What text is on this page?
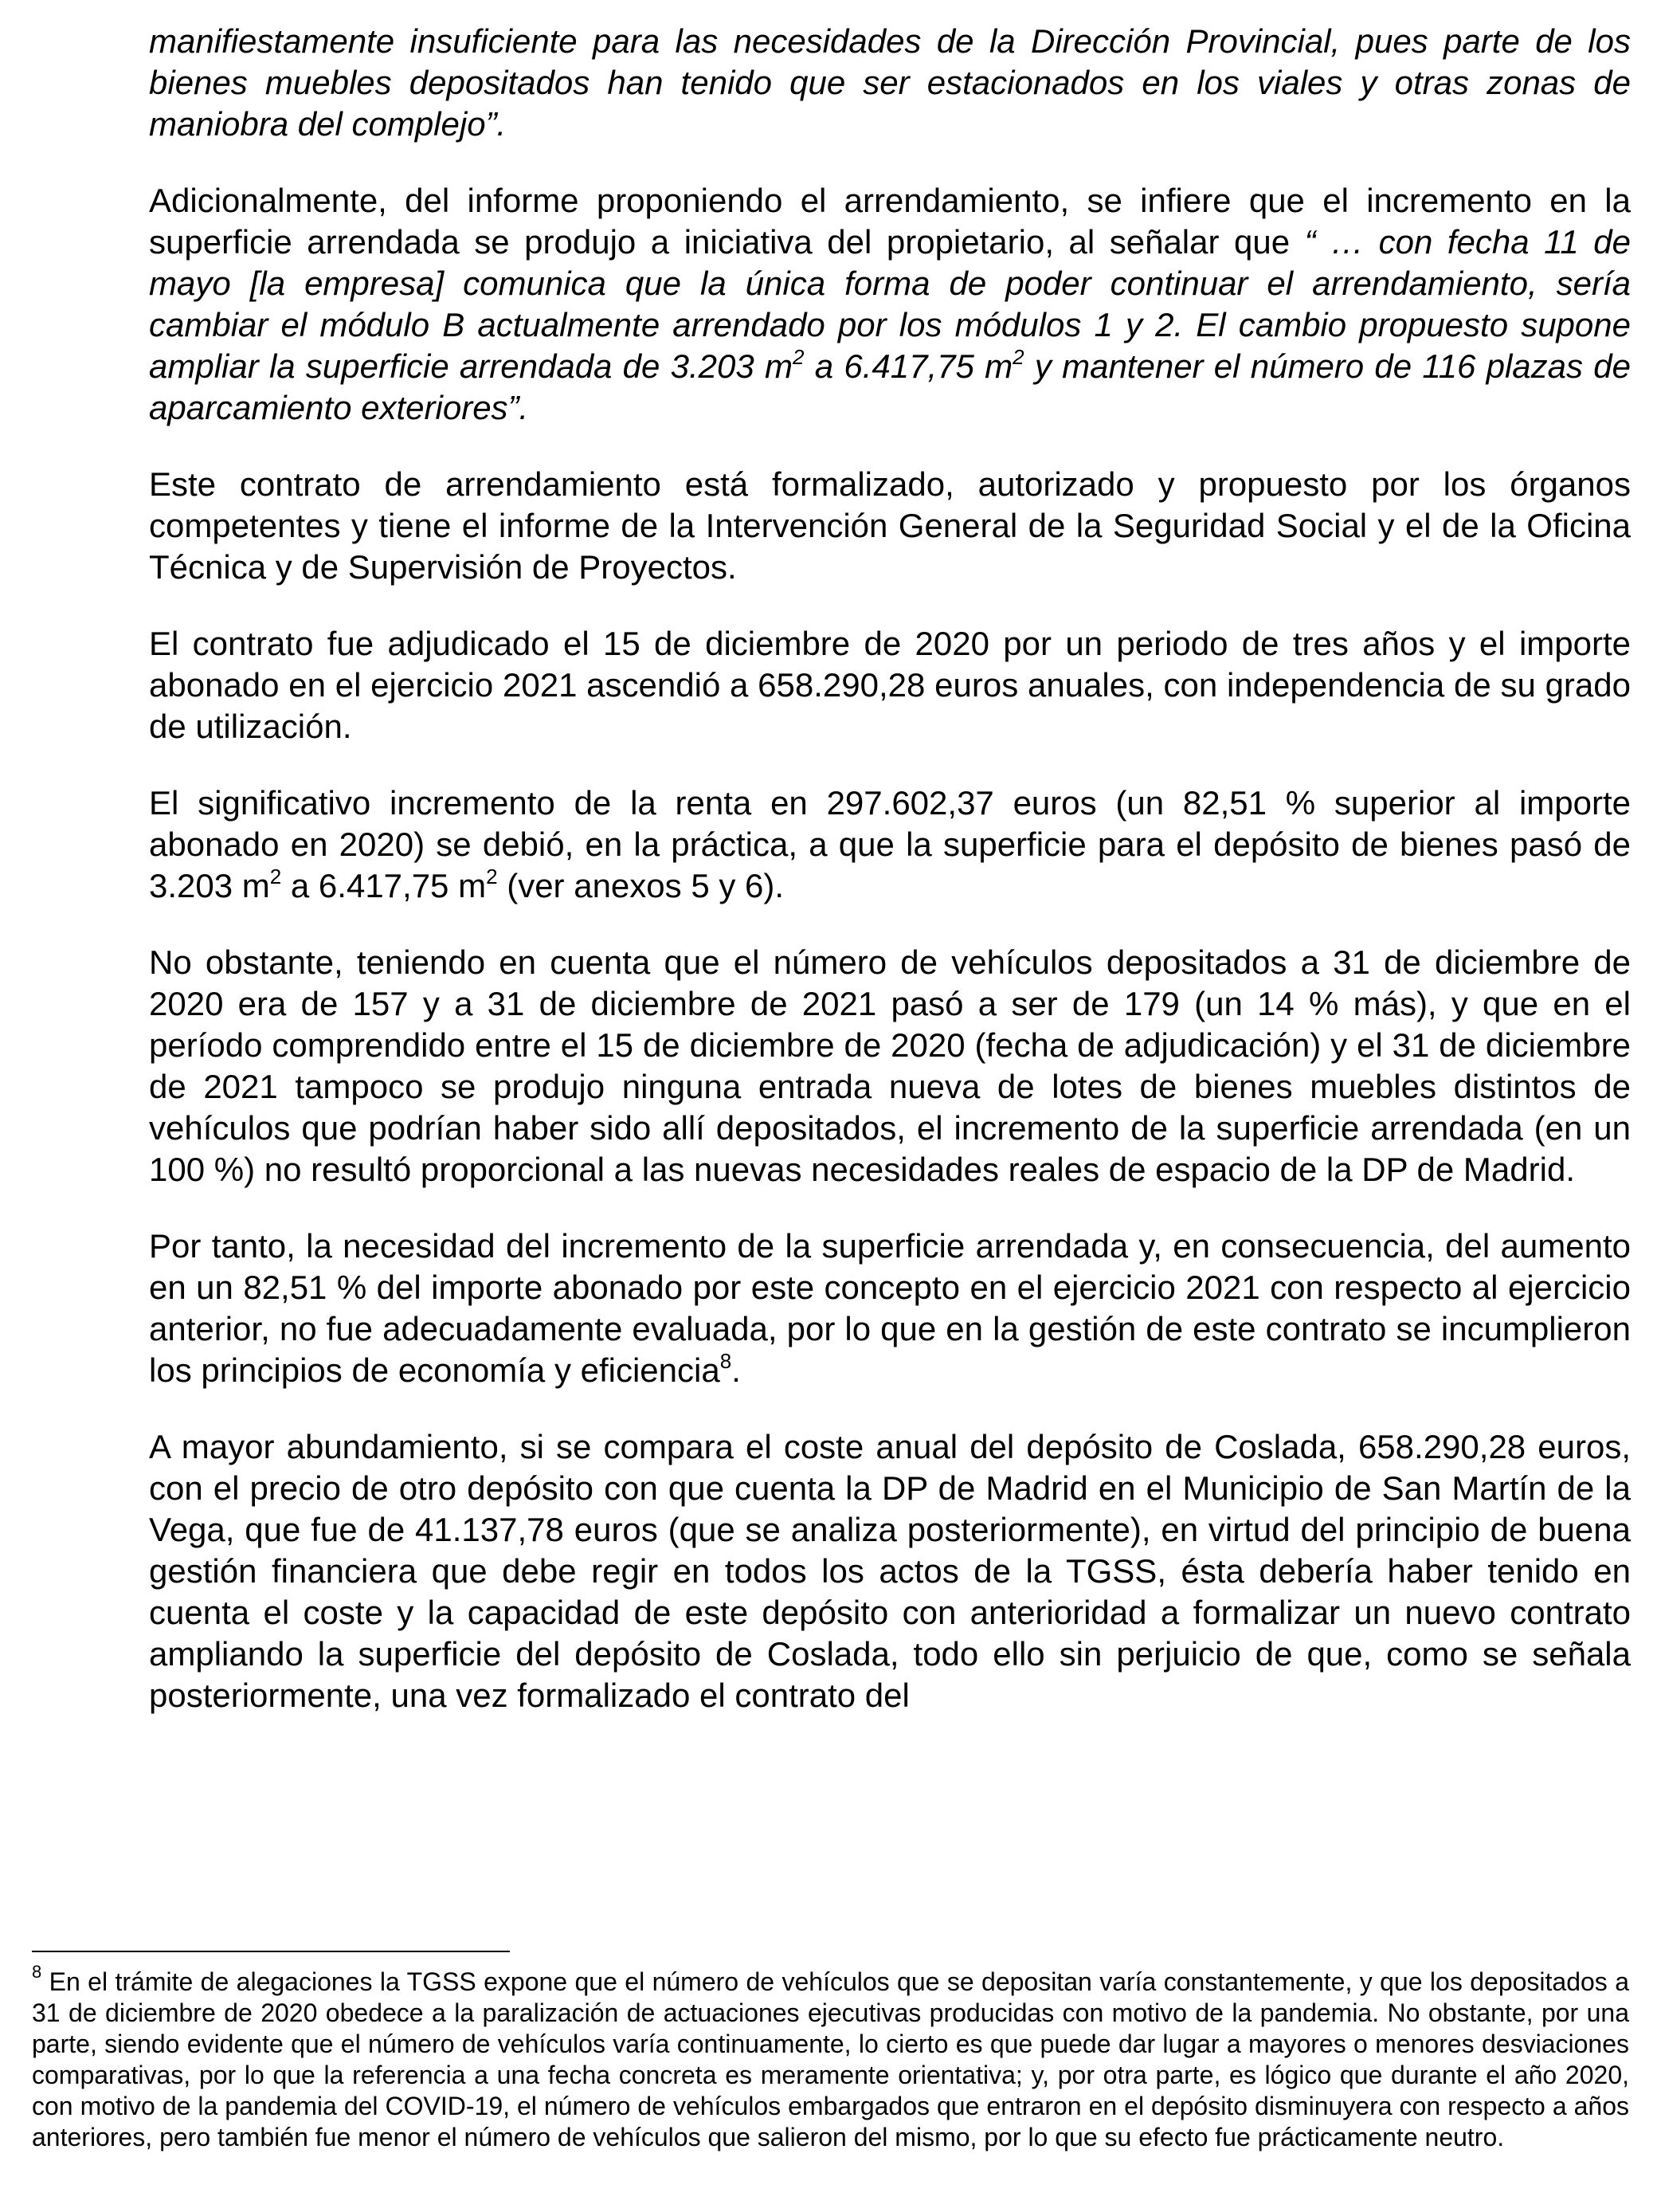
manifiestamente insuficiente para las necesidades de la Dirección Provincial, pues parte de los bienes muebles depositados han tenido que ser estacionados en los viales y otras zonas de maniobra del complejo”.

Adicionalmente, del informe proponiendo el arrendamiento, se infiere que el incremento en la superficie arrendada se produjo a iniciativa del propietario, al señalar que “ … con fecha 11 de mayo [la empresa] comunica que la única forma de poder continuar el arrendamiento, sería cambiar el módulo B actualmente arrendado por los módulos 1 y 2. El cambio propuesto supone ampliar la superficie arrendada de 3.203 $m^2$ a 6.417,75 $m^2$ y mantener el número de 116 plazas de aparcamiento exteriores”.

Este contrato de arrendamiento está formalizado, autorizado y propuesto por los órganos competentes y tiene el informe de la Intervención General de la Seguridad Social y el de la Oficina Técnica y de Supervisión de Proyectos.

El contrato fue adjudicado el 15 de diciembre de 2020 por un periodo de tres años y el importe abonado en el ejercicio 2021 ascendió a 658.290,28 euros anuales, con independencia de su grado de utilización.

El significativo incremento de la renta en 297.602,37 euros (un 82,51 % superior al importe abonado en 2020) se debió, en la práctica, a que la superficie para el depósito de bienes pasó de 3.203 $m^2$ a 6.417,75 $m^2$ (ver anexos 5 y 6).

No obstante, teniendo en cuenta que el número de vehículos depositados a 31 de diciembre de 2020 era de 157 y a 31 de diciembre de 2021 pasó a ser de 179 (un 14 % más), y que en el período comprendido entre el 15 de diciembre de 2020 (fecha de adjudicación) y el 31 de diciembre de 2021 tampoco se produjo ninguna entrada nueva de lotes de bienes muebles distintos de vehículos que podrían haber sido allí depositados, el incremento de la superficie arrendada (en un 100 %) no resultó proporcional a las nuevas necesidades reales de espacio de la DP de Madrid.

Por tanto, la necesidad del incremento de la superficie arrendada y, en consecuencia, del aumento en un 82,51 % del importe abonado por este concepto en el ejercicio 2021 con respecto al ejercicio anterior, no fue adecuadamente evaluada, por lo que en la gestión de este contrato se incumplieron los principios de economía y eficiencia$^8$.

A mayor abundamiento, si se compara el coste anual del depósito de Coslada, 658.290,28 euros, con el precio de otro depósito con que cuenta la DP de Madrid en el Municipio de San Martín de la Vega, que fue de 41.137,78 euros (que se analiza posteriormente), en virtud del principio de buena gestión financiera que debe regir en todos los actos de la TGSS, ésta debería haber tenido en cuenta el coste y la capacidad de este depósito con anterioridad a formalizar un nuevo contrato ampliando la superficie del depósito de Coslada, todo ello sin perjuicio de que, como se señala posteriormente, una vez formalizado el contrato del

$^8$ En el trámite de alegaciones la TGSS expone que el número de vehículos que se depositan varía constantemente, y que los depositados a 31 de diciembre de 2020 obedece a la paralización de actuaciones ejecutivas producidas con motivo de la pandemia. No obstante, por una parte, siendo evidente que el número de vehículos varía continuamente, lo cierto es que puede dar lugar a mayores o menores desviaciones comparativas, por lo que la referencia a una fecha concreta es meramente orientativa; y, por otra parte, es lógico que durante el año 2020, con motivo de la pandemia del COVID-19, el número de vehículos embargados que entraron en el depósito disminuyera con respecto a años anteriores, pero también fue menor el número de vehículos que salieron del mismo, por lo que su efecto fue prácticamente neutro.
